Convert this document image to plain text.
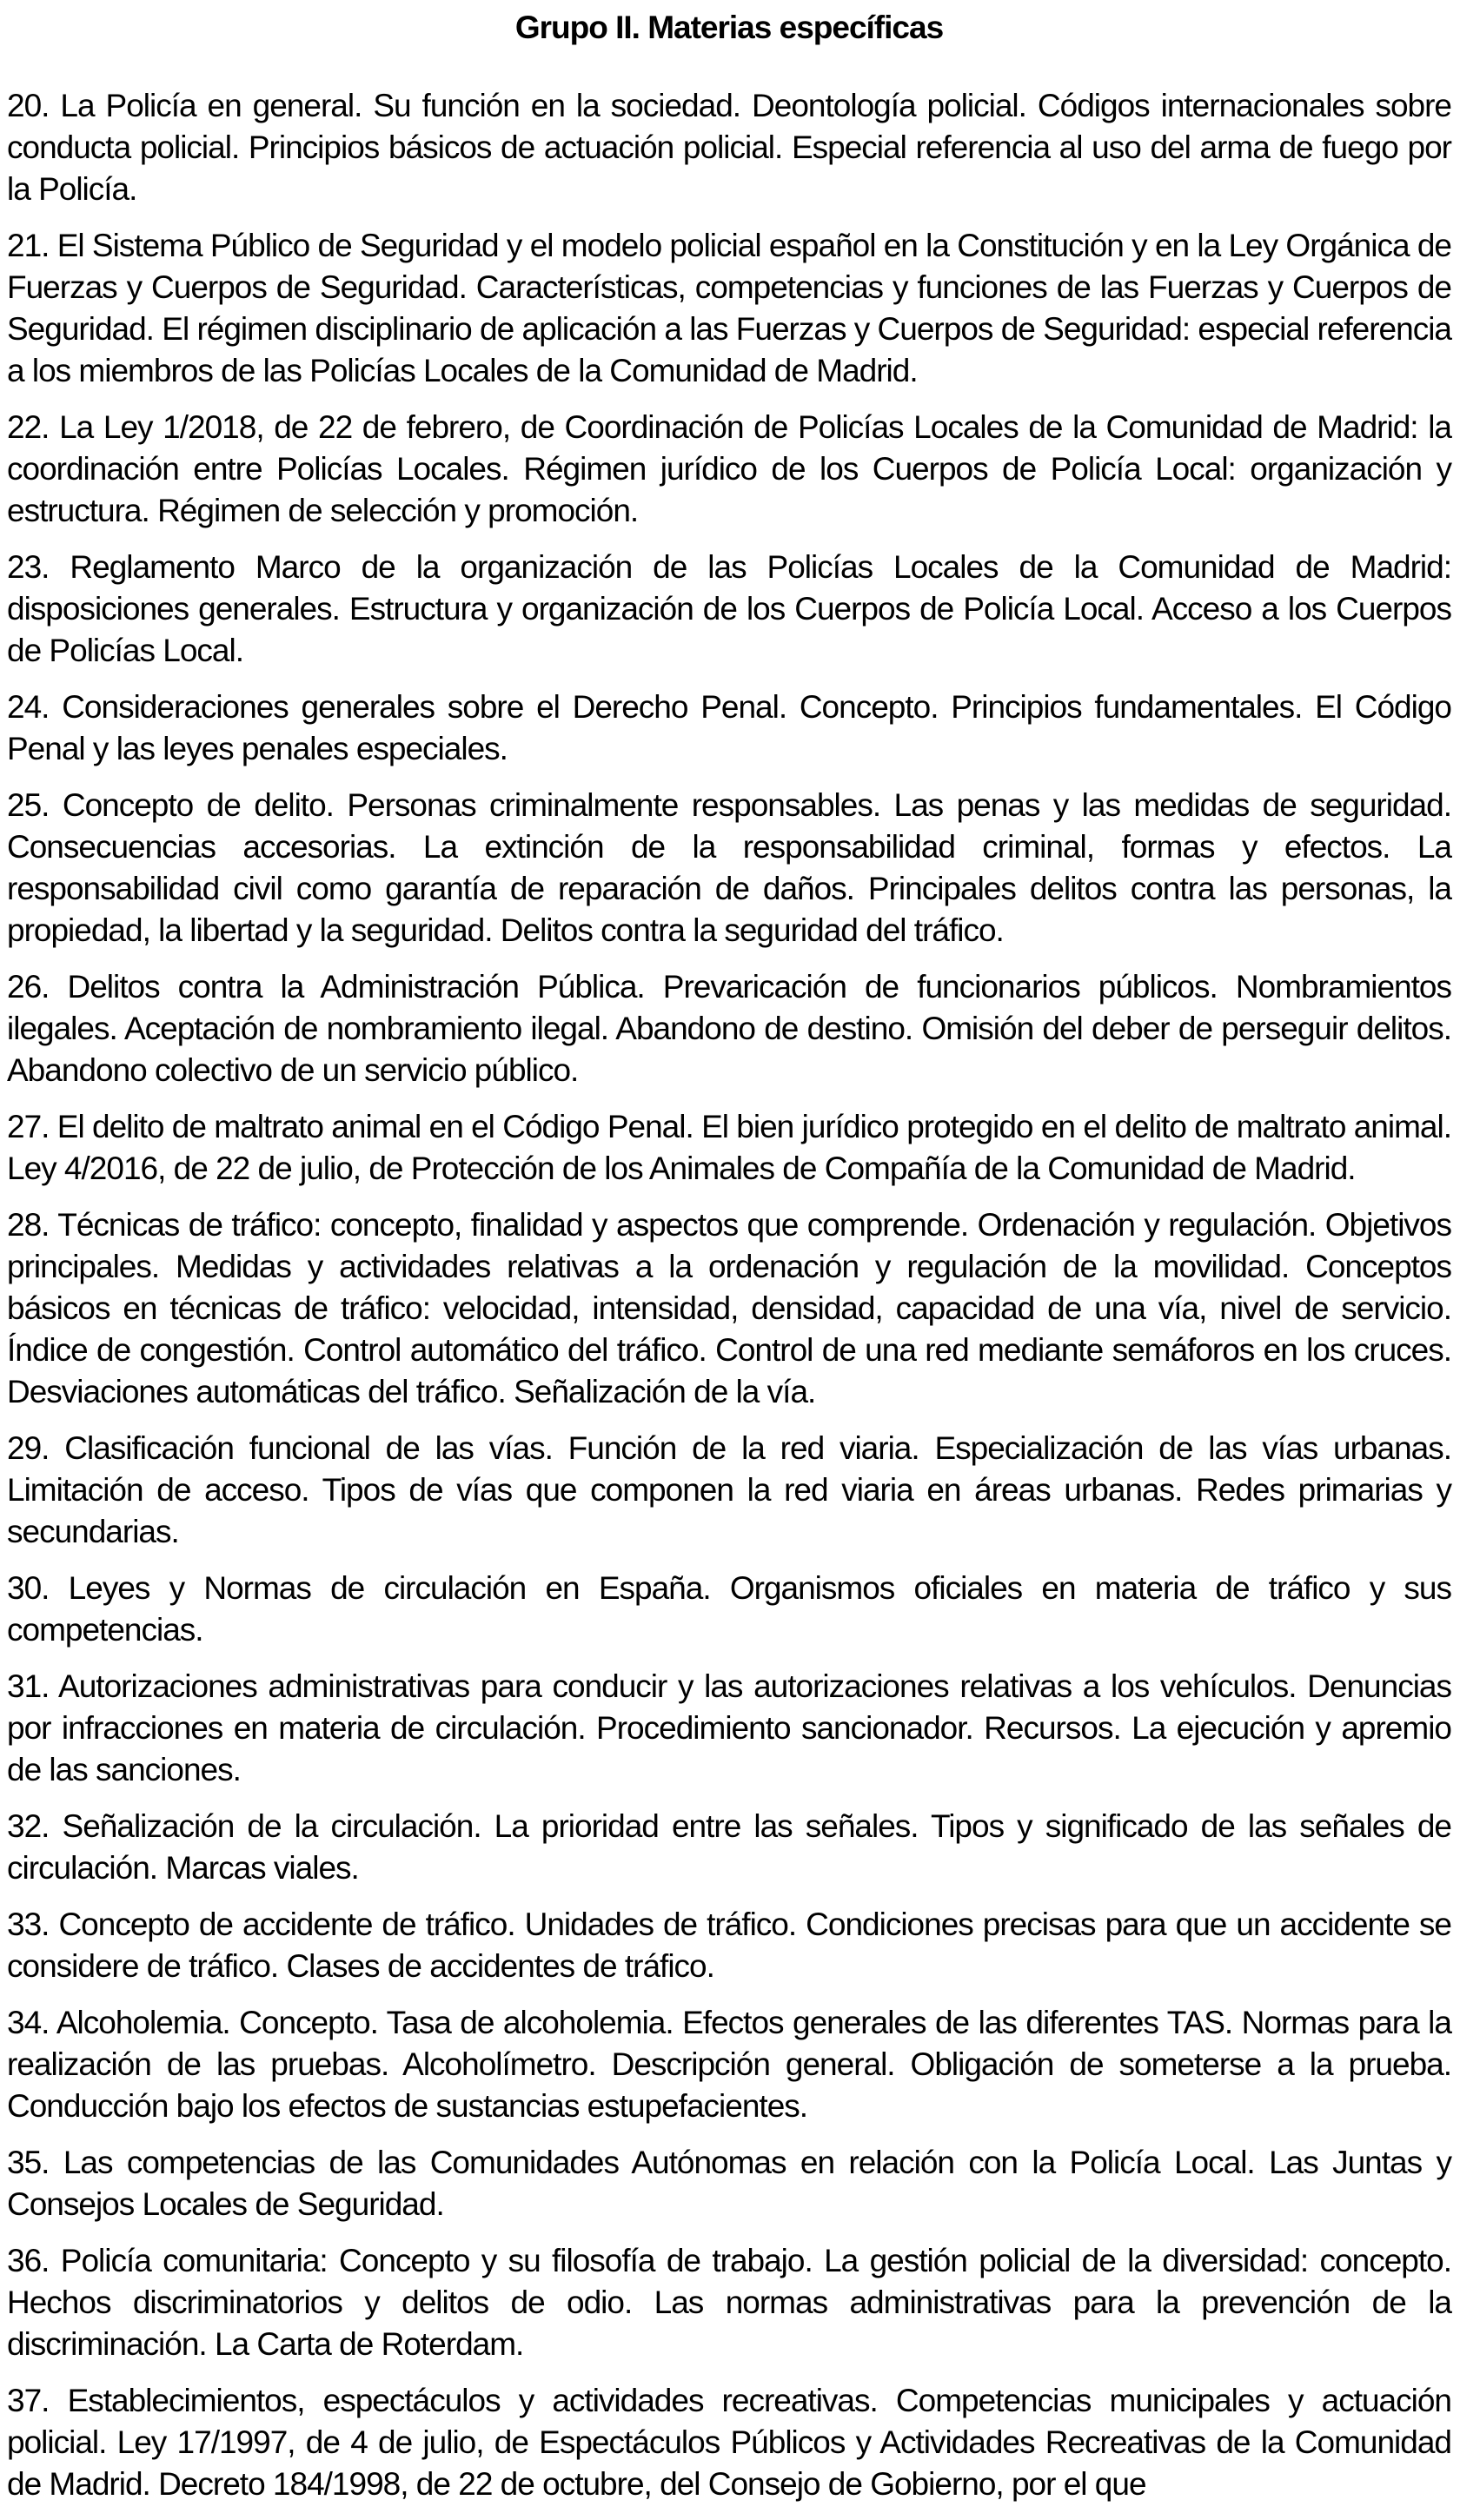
Grupo II. Materias específicas

20. La Policía en general. Su función en la sociedad. Deontología policial. Códigos internacionales sobre conducta policial. Principios básicos de actuación policial. Especial referencia al uso del arma de fuego por la Policía.

21. El Sistema Público de Seguridad y el modelo policial español en la Constitución y en la Ley Orgánica de Fuerzas y Cuerpos de Seguridad. Características, competencias y funciones de las Fuerzas y Cuerpos de Seguridad. El régimen disciplinario de aplicación a las Fuerzas y Cuerpos de Seguridad: especial referencia a los miembros de las Policías Locales de la Comunidad de Madrid.

22. La Ley 1/2018, de 22 de febrero, de Coordinación de Policías Locales de la Comunidad de Madrid: la coordinación entre Policías Locales. Régimen jurídico de los Cuerpos de Policía Local: organización y estructura. Régimen de selección y promoción.

23. Reglamento Marco de la organización de las Policías Locales de la Comunidad de Madrid: disposiciones generales. Estructura y organización de los Cuerpos de Policía Local. Acceso a los Cuerpos de Policías Local.

24. Consideraciones generales sobre el Derecho Penal. Concepto. Principios fundamentales. El Código Penal y las leyes penales especiales.

25. Concepto de delito. Personas criminalmente responsables. Las penas y las medidas de seguridad. Consecuencias accesorias. La extinción de la responsabilidad criminal, formas y efectos. La responsabilidad civil como garantía de reparación de daños. Principales delitos contra las personas, la propiedad, la libertad y la seguridad. Delitos contra la seguridad del tráfico.

26. Delitos contra la Administración Pública. Prevaricación de funcionarios públicos. Nombramientos ilegales. Aceptación de nombramiento ilegal. Abandono de destino. Omisión del deber de perseguir delitos. Abandono colectivo de un servicio público.

27. El delito de maltrato animal en el Código Penal. El bien jurídico protegido en el delito de maltrato animal. Ley 4/2016, de 22 de julio, de Protección de los Animales de Compañía de la Comunidad de Madrid.

28. Técnicas de tráfico: concepto, finalidad y aspectos que comprende. Ordenación y regulación. Objetivos principales. Medidas y actividades relativas a la ordenación y regulación de la movilidad. Conceptos básicos en técnicas de tráfico: velocidad, intensidad, densidad, capacidad de una vía, nivel de servicio. Índice de congestión. Control automático del tráfico. Control de una red mediante semáforos en los cruces. Desviaciones automáticas del tráfico. Señalización de la vía.

29. Clasificación funcional de las vías. Función de la red viaria. Especialización de las vías urbanas. Limitación de acceso. Tipos de vías que componen la red viaria en áreas urbanas. Redes primarias y secundarias.

30. Leyes y Normas de circulación en España. Organismos oficiales en materia de tráfico y sus competencias.

31. Autorizaciones administrativas para conducir y las autorizaciones relativas a los vehículos. Denuncias por infracciones en materia de circulación. Procedimiento sancionador. Recursos. La ejecución y apremio de las sanciones.

32. Señalización de la circulación. La prioridad entre las señales. Tipos y significado de las señales de circulación. Marcas viales.

33. Concepto de accidente de tráfico. Unidades de tráfico. Condiciones precisas para que un accidente se considere de tráfico. Clases de accidentes de tráfico.

34. Alcoholemia. Concepto. Tasa de alcoholemia. Efectos generales de las diferentes TAS. Normas para la realización de las pruebas. Alcoholímetro. Descripción general. Obligación de someterse a la prueba. Conducción bajo los efectos de sustancias estupefacientes.

35. Las competencias de las Comunidades Autónomas en relación con la Policía Local. Las Juntas y Consejos Locales de Seguridad.

36. Policía comunitaria: Concepto y su filosofía de trabajo. La gestión policial de la diversidad: concepto. Hechos discriminatorios y delitos de odio. Las normas administrativas para la prevención de la discriminación. La Carta de Roterdam.

37. Establecimientos, espectáculos y actividades recreativas. Competencias municipales y actuación policial. Ley 17/1997, de 4 de julio, de Espectáculos Públicos y Actividades Recreativas de la Comunidad de Madrid. Decreto 184/1998, de 22 de octubre, del Consejo de Gobierno, por el que
